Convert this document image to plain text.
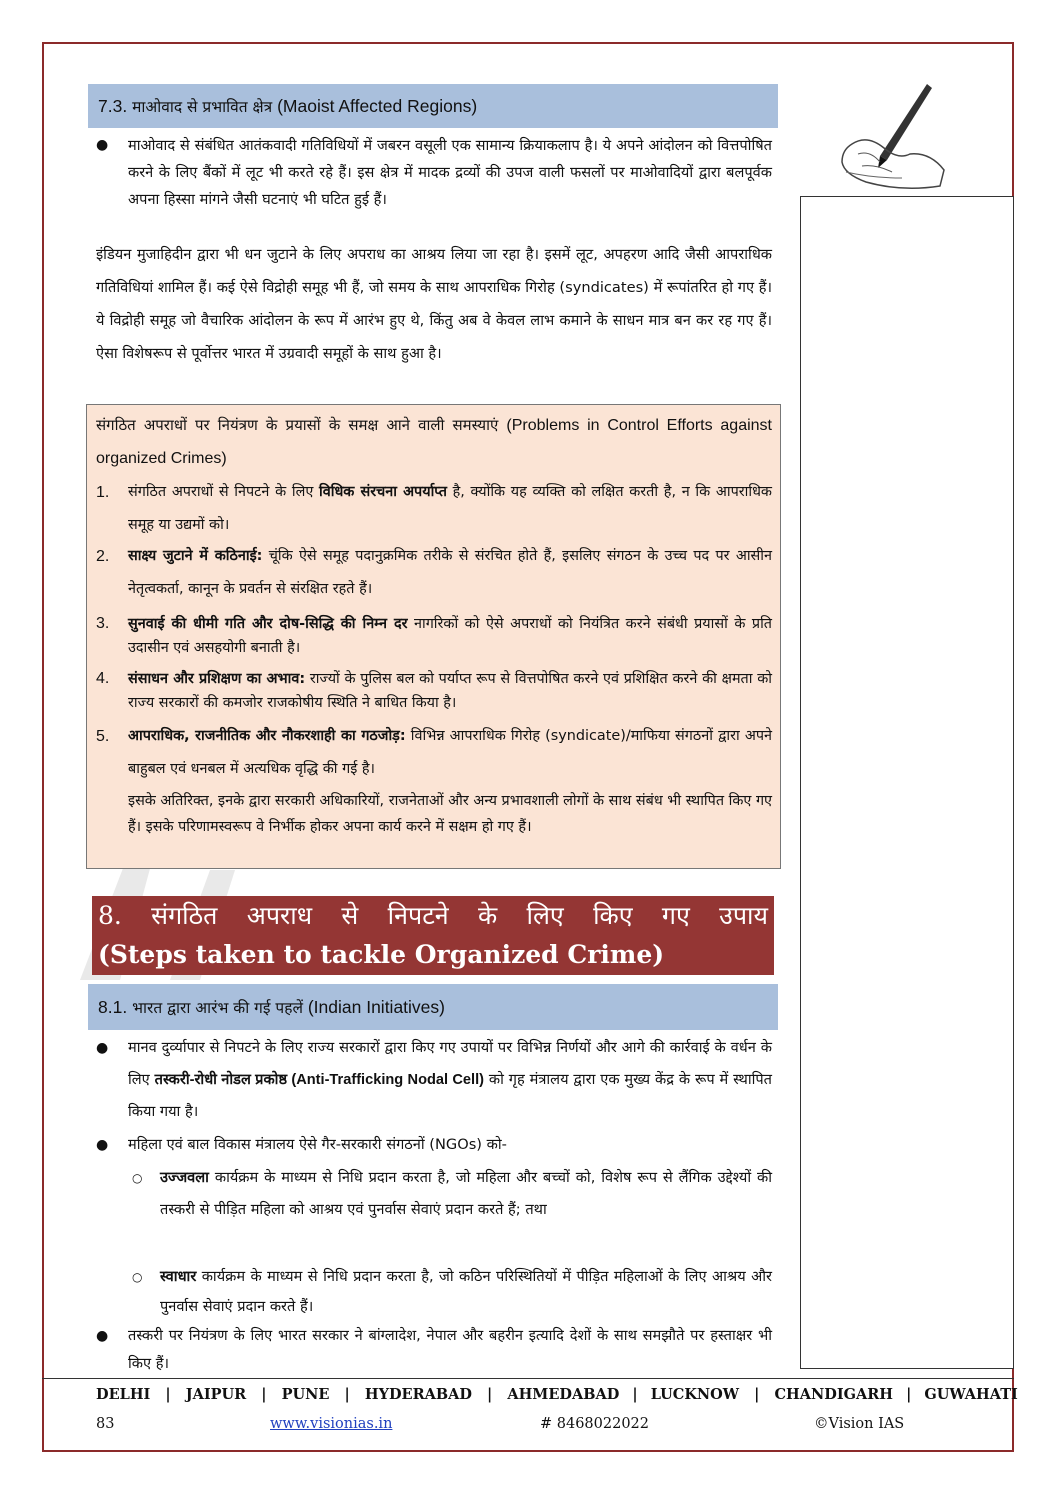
7.3. माओवाद से प्रभावित क्षेत्र (Maoist Affected Regions)
● माओवाद से संबंधित आतंकवादी गतिविधियों में जबरन वसूली एक सामान्य क्रियाकलाप है। ये अपने आंदोलन को वित्तपोषित करने के लिए बैंकों में लूट भी करते रहे हैं। इस क्षेत्र में मादक द्रव्यों की उपज वाली फसलों पर माओवादियों द्वारा बलपूर्वक अपना हिस्सा मांगने जैसी घटनाएं भी घटित हुई हैं।
इंडियन मुजाहिदीन द्वारा भी धन जुटाने के लिए अपराध का आश्रय लिया जा रहा है। इसमें लूट, अपहरण आदि जैसी आपराधिक गतिविधियां शामिल हैं। कई ऐसे विद्रोही समूह भी हैं, जो समय के साथ आपराधिक गिरोह (syndicates) में रूपांतरित हो गए हैं। ये विद्रोही समूह जो वैचारिक आंदोलन के रूप में आरंभ हुए थे, किंतु अब वे केवल लाभ कमाने के साधन मात्र बन कर रह गए हैं। ऐसा विशेषरूप से पूर्वोत्तर भारत में उग्रवादी समूहों के साथ हुआ है।
संगठित अपराधों पर नियंत्रण के प्रयासों के समक्ष आने वाली समस्याएं (Problems in Control Efforts against organized Crimes)
1. संगठित अपराधों से निपटने के लिए विधिक संरचना अपर्याप्त है, क्योंकि यह व्यक्ति को लक्षित करती है, न कि आपराधिक समूह या उद्यमों को।
2. साक्ष्य जुटाने में कठिनाई: चूंकि ऐसे समूह पदानुक्रमिक तरीके से संरचित होते हैं, इसलिए संगठन के उच्च पद पर आसीन नेतृत्वकर्ता, कानून के प्रवर्तन से संरक्षित रहते हैं।
3. सुनवाई की धीमी गति और दोष-सिद्धि की निम्न दर नागरिकों को ऐसे अपराधों को नियंत्रित करने संबंधी प्रयासों के प्रति उदासीन एवं असहयोगी बनाती है।
4. संसाधन और प्रशिक्षण का अभाव: राज्यों के पुलिस बल को पर्याप्त रूप से वित्तपोषित करने एवं प्रशिक्षित करने की क्षमता को राज्य सरकारों की कमजोर राजकोषीय स्थिति ने बाधित किया है।
5. आपराधिक, राजनीतिक और नौकरशाही का गठजोड़: विभिन्न आपराधिक गिरोह (syndicate)/माफिया संगठनों द्वारा अपने बाहुबल एवं धनबल में अत्यधिक वृद्धि की गई है।
इसके अतिरिक्त, इनके द्वारा सरकारी अधिकारियों, राजनेताओं और अन्य प्रभावशाली लोगों के साथ संबंध भी स्थापित किए गए हैं। इसके परिणामस्वरूप वे निर्भीक होकर अपना कार्य करने में सक्षम हो गए हैं।
8. संगठित अपराध से निपटने के लिए किए गए उपाय
(Steps taken to tackle Organized Crime)
8.1. भारत द्वारा आरंभ की गई पहलें (Indian Initiatives)
● मानव दुर्व्यापार से निपटने के लिए राज्य सरकारों द्वारा किए गए उपायों पर विभिन्न निर्णयों और आगे की कार्रवाई के वर्धन के लिए तस्करी-रोधी नोडल प्रकोष्ठ (Anti-Trafficking Nodal Cell) को गृह मंत्रालय द्वारा एक मुख्य केंद्र के रूप में स्थापित किया गया है।
● महिला एवं बाल विकास मंत्रालय ऐसे गैर-सरकारी संगठनों (NGOs) को-
○ उज्जवला कार्यक्रम के माध्यम से निधि प्रदान करता है, जो महिला और बच्चों को, विशेष रूप से लैंगिक उद्देश्यों की तस्करी से पीड़ित महिला को आश्रय एवं पुनर्वास सेवाएं प्रदान करते हैं; तथा
○ स्वाधार कार्यक्रम के माध्यम से निधि प्रदान करता है, जो कठिन परिस्थितियों में पीड़ित महिलाओं के लिए आश्रय और पुनर्वास सेवाएं प्रदान करते हैं।
● तस्करी पर नियंत्रण के लिए भारत सरकार ने बांग्लादेश, नेपाल और बहरीन इत्यादि देशों के साथ समझौते पर हस्ताक्षर भी किए हैं।
DELHI | JAIPUR | PUNE | HYDERABAD | AHMEDABAD | LUCKNOW | CHANDIGARH | GUWAHATI
83	www.visionias.in	# 8468022022	©Vision IAS
